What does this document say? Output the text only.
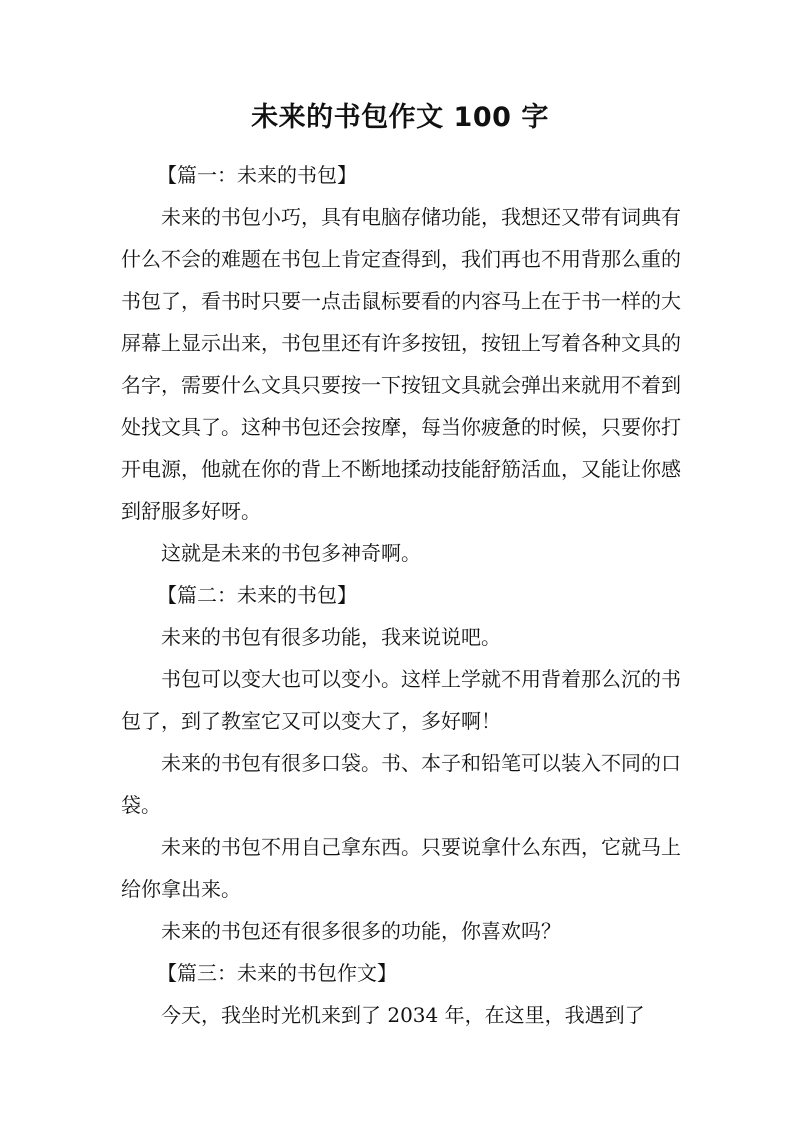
未来的书包作文 100 字

【篇一：未来的书包】

未来的书包小巧，具有电脑存储功能，我想还又带有词典有什么不会的难题在书包上肯定查得到，我们再也不用背那么重的书包了，看书时只要一点击鼠标要看的内容马上在于书一样的大屏幕上显示出来，书包里还有许多按钮，按钮上写着各种文具的名字，需要什么文具只要按一下按钮文具就会弹出来就用不着到处找文具了。这种书包还会按摩，每当你疲惫的时候，只要你打开电源，他就在你的背上不断地揉动技能舒筋活血，又能让你感到舒服多好呀。

这就是未来的书包多神奇啊。

【篇二：未来的书包】

未来的书包有很多功能，我来说说吧。

书包可以变大也可以变小。这样上学就不用背着那么沉的书包了，到了教室它又可以变大了，多好啊！

未来的书包有很多口袋。书、本子和铅笔可以装入不同的口袋。

未来的书包不用自己拿东西。只要说拿什么东西，它就马上给你拿出来。

未来的书包还有很多很多的功能，你喜欢吗？

【篇三：未来的书包作文】

今天，我坐时光机来到了 2034 年，在这里，我遇到了
